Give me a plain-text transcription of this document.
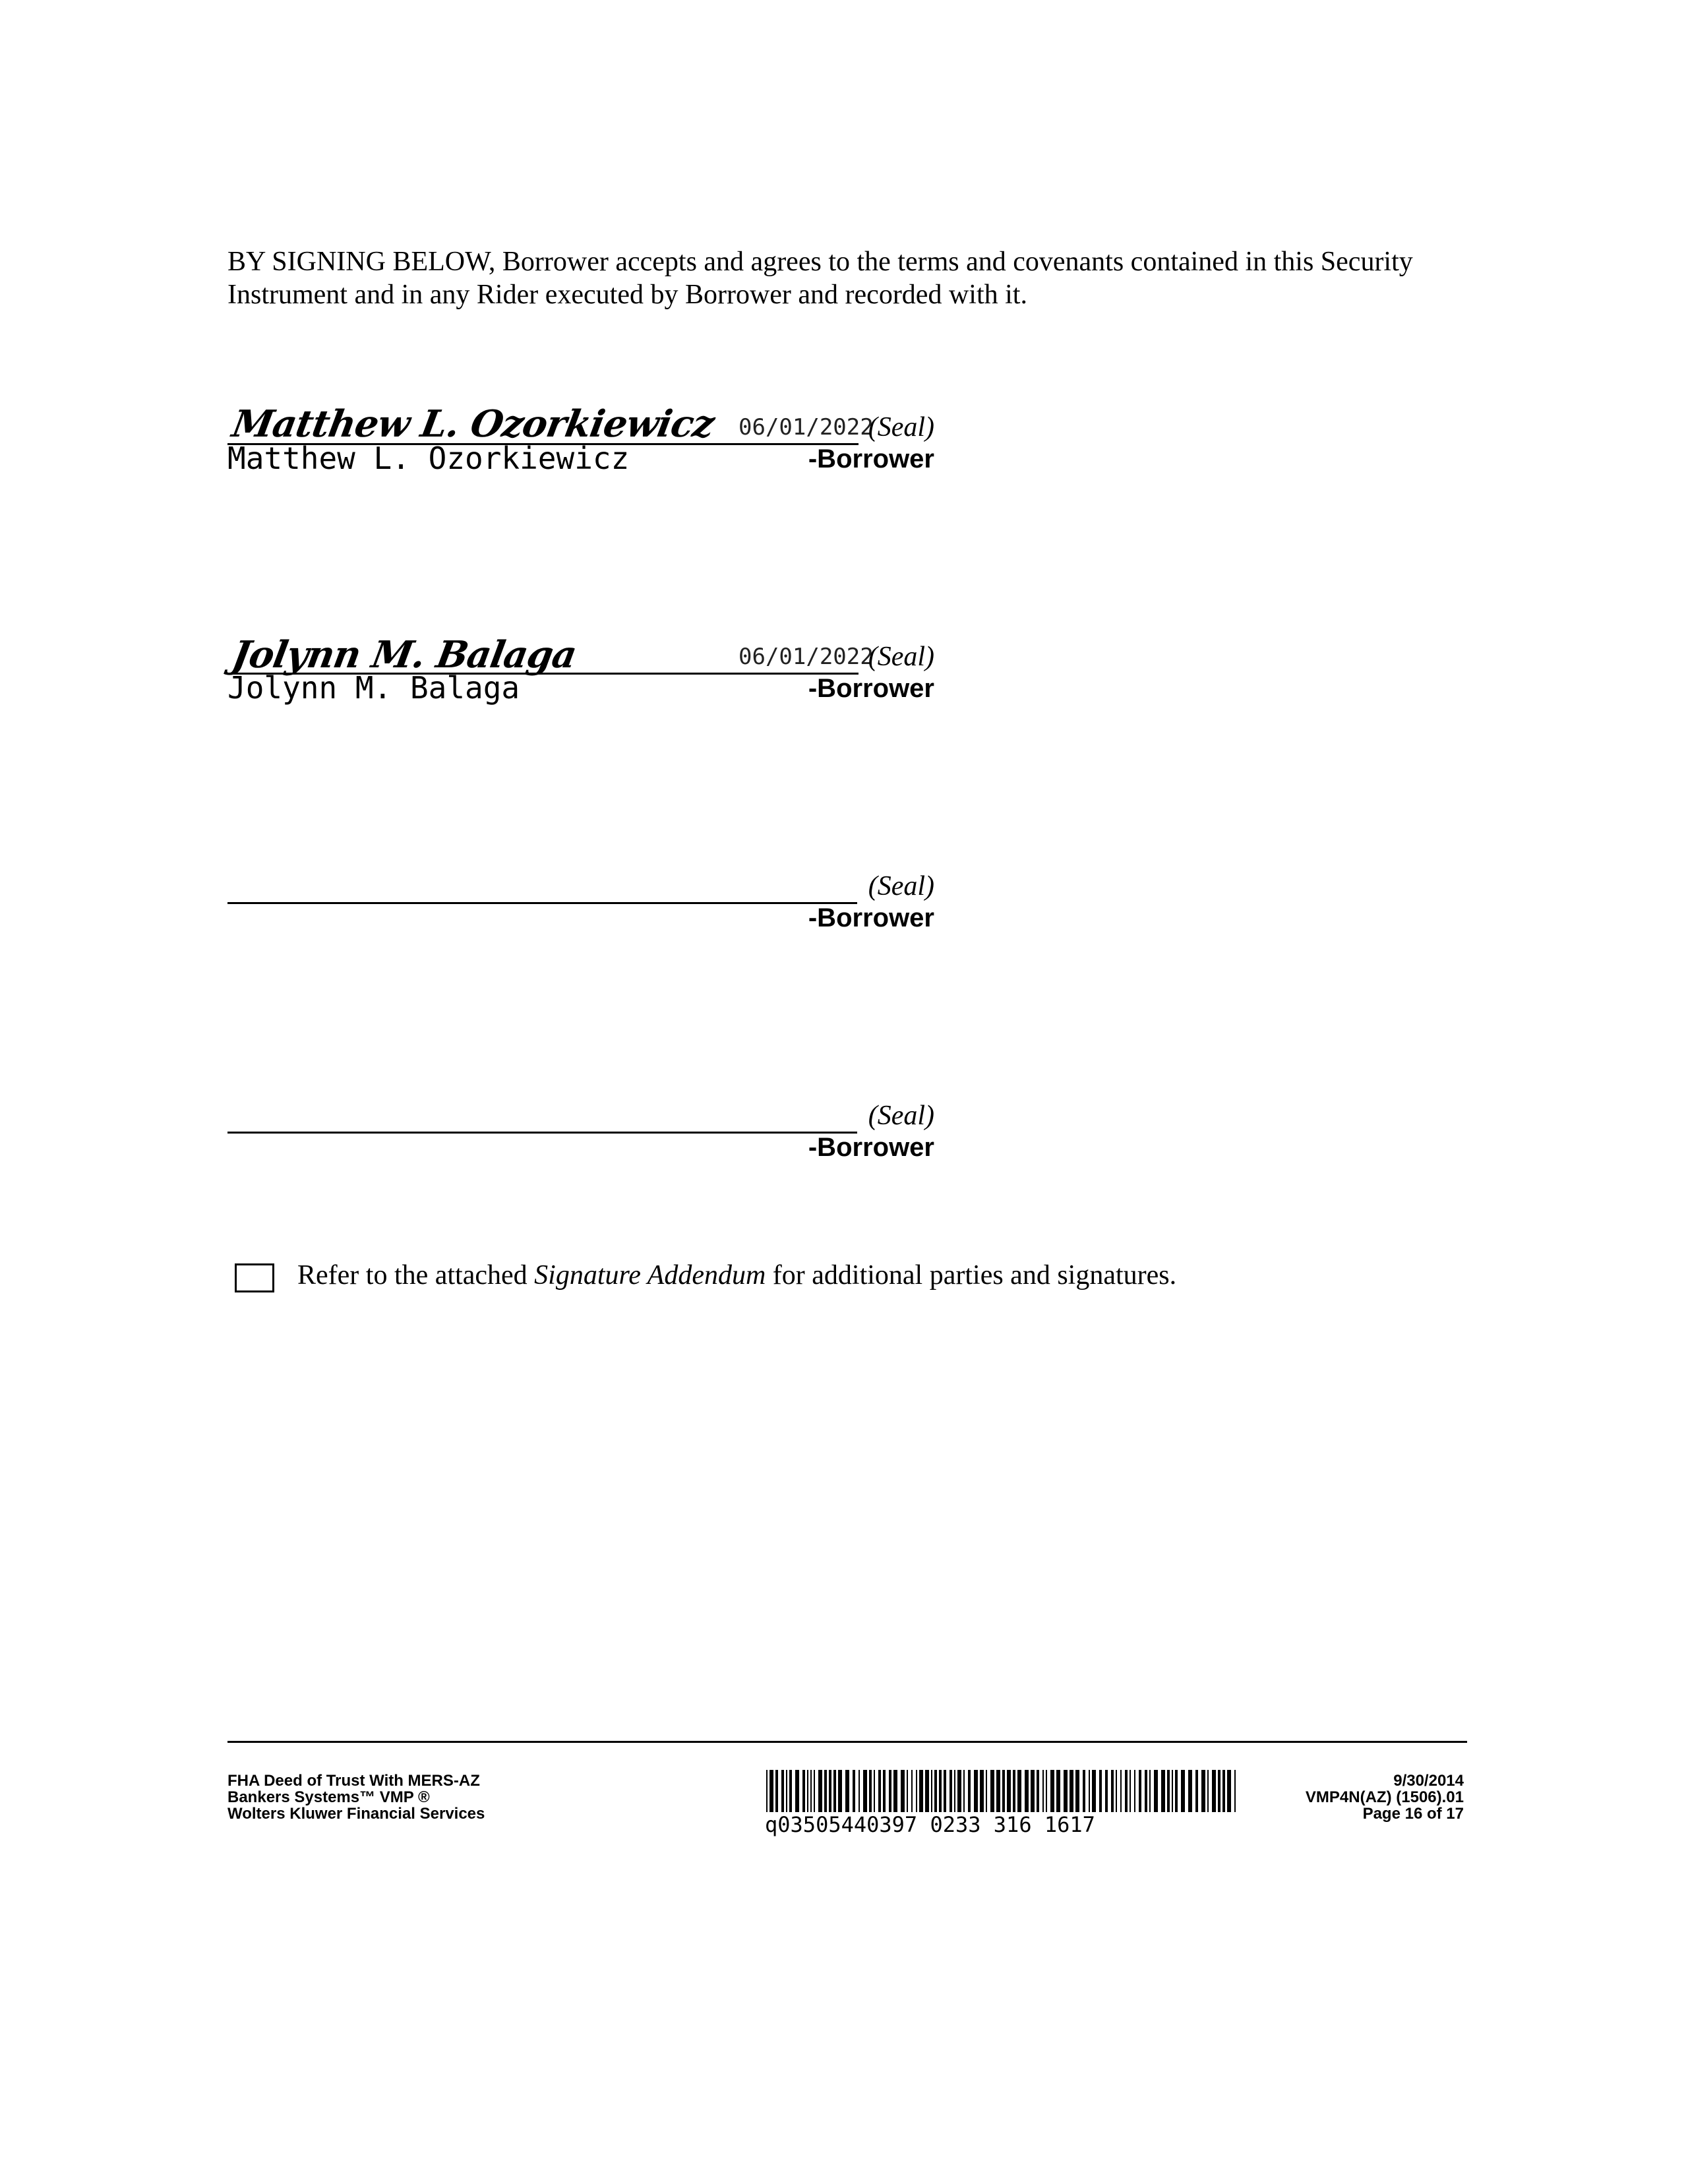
BY SIGNING BELOW, Borrower accepts and agrees to the terms and covenants contained in this Security Instrument and in any Rider executed by Borrower and recorded with it.
Matthew L. Ozorkiewicz 06/01/2022
(Seal)
Matthew L. Ozorkiewicz	-Borrower
Jolynn M. Balaga	06/01/2022
(Seal)
Jolynn M. Balaga	-Borrower
(Seal)
-Borrower
(Seal)
-Borrower
Refer to the attached Signature Addendum for additional parties and signatures.
FHA Deed of Trust With MERS-AZ
Bankers Systems™ VMP ®
Wolters Kluwer Financial Services	q03505440397 0233 316 1617
9/30/2014
VMP4N(AZ) (1506).01
Page 16 of 17
